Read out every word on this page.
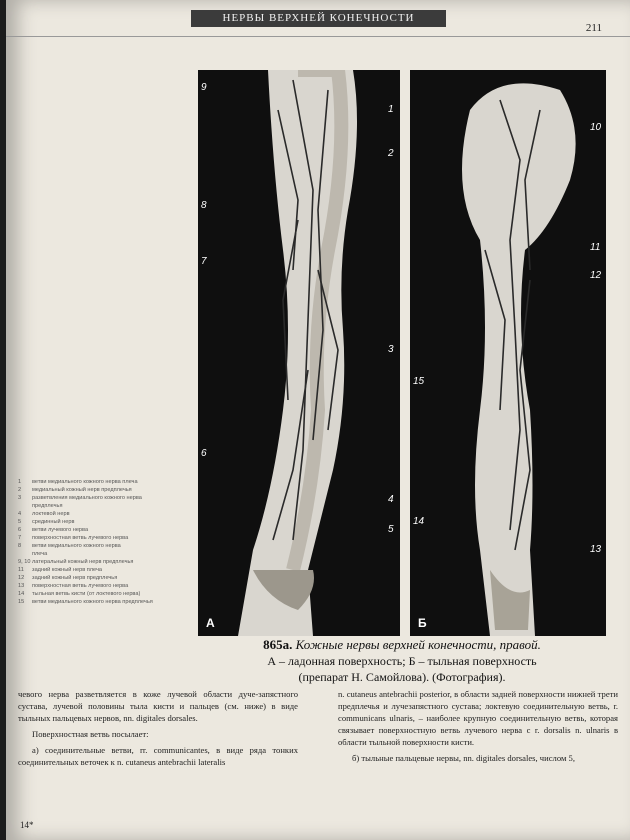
НЕРВЫ ВЕРХНЕЙ КОНЕЧНОСТИ
211
9
1
2
8
7
3
6
4
5
А
10
11
12
15
14
13
Б
1	ветви медиального кожного нерва плеча
2	медиальный кожный нерв предплечья
3	разветвления медиального кожного нерва
предплечья
4	локтевой нерв
5	срединный нерв
6	ветви лучевого нерва
7	поверхностная ветвь лучевого нерва
8	ветви медиального кожного нерва
плеча
9, 10 латеральный кожный нерв предплечья
11	задний кожный нерв плеча
12	задний кожный нерв предплечья
13	поверхностная ветвь лучевого нерва
14	тыльная ветвь кисти (от локтевого нерва)
15	ветви медиального кожного нерва предплечья
865а. Кожные нервы верхней конечности, правой.
А – ладонная поверхность; Б – тыльная поверхность
(препарат Н. Самойлова). (Фотография).

чевого нерва разветвляется в коже лучевой области дуче-запястного сустава, лучевой половины тыла кисти и пальцев (см. ниже) в виде тыльных пальцевых нервов, nn. digitales dorsales.

Поверхностная ветвь посылает:

а) соединительные ветви, rr. communicantes, в виде ряда тонких соединительных веточек к n. cutaneus antebrachii lateralis

n. cutaneus antebrachii posterior, в области задней поверхности нижней трети предплечья и лучезапястного сустава; локтевую соединительную ветвь, r. communicans ulnaris, – наиболее крупную соединительную ветвь, которая связывает поверхностную ветвь лучевого нерва с r. dorsalis n. ulnaris в области тыльной поверхности кисти.

б) тыльные пальцевые нервы, nn. digitales dorsales, числом 5,

14*
